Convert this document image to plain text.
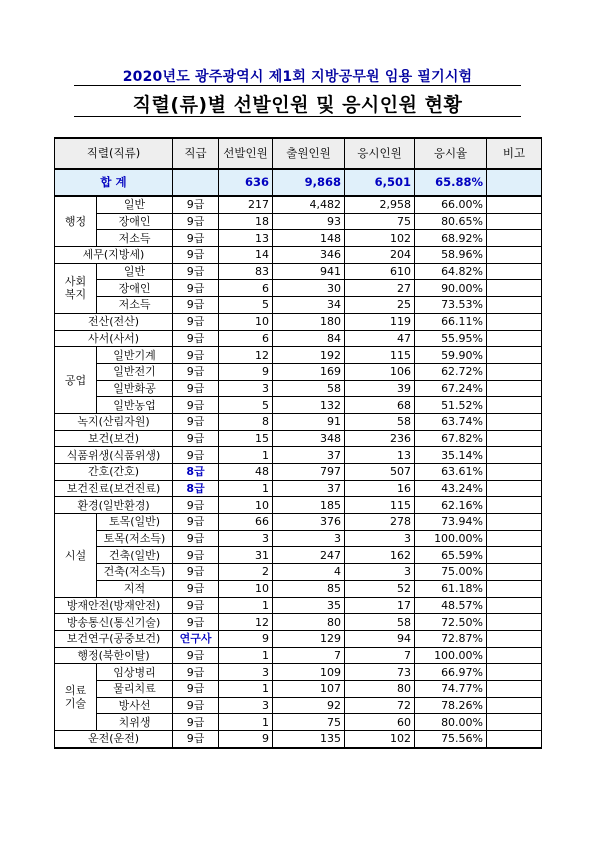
2020년도 광주광역시 제1회 지방공무원 임용 필기시험
직렬(류)별 선발인원 및 응시인원 현황
직렬(직류)		직급	선발인원	출원인원	응시인원	응시율	비고
합 계			636	9,868	6,501	65.88%	
행정	일반	9급	217	4,482	2,958	66.00%	
	장애인	9급	18	93	75	80.65%	
	저소득	9급	13	148	102	68.92%	
세무(지방세)		9급	14	346	204	58.96%	
사회
복지	일반	9급	83	941	610	64.82%	
	장애인	9급	6	30	27	90.00%	
	저소득	9급	5	34	25	73.53%	
전산(전산)		9급	10	180	119	66.11%	
사서(사서)		9급	6	84	47	55.95%	
공업	일반기계	9급	12	192	115	59.90%	
	일반전기	9급	9	169	106	62.72%	
	일반화공	9급	3	58	39	67.24%	
	일반농업	9급	5	132	68	51.52%	
녹지(산림자원)		9급	8	91	58	63.74%	
보건(보건)		9급	15	348	236	67.82%	
식품위생(식품위생)		9급	1	37	13	35.14%	
간호(간호)		8급	48	797	507	63.61%	
보건진료(보건진료)		8급	1	37	16	43.24%	
환경(일반환경)		9급	10	185	115	62.16%	
시설	토목(일반)	9급	66	376	278	73.94%	
	토목(저소득)	9급	3	3	3	100.00%	
	건축(일반)	9급	31	247	162	65.59%	
	건축(저소득)	9급	2	4	3	75.00%	
	지적	9급	10	85	52	61.18%	
방재안전(방재안전)		9급	1	35	17	48.57%	
방송통신(통신기술)		9급	12	80	58	72.50%	
보건연구(공중보건)		연구사	9	129	94	72.87%	
행정(북한이탈)		9급	1	7	7	100.00%	
의료
기술	임상병리	9급	3	109	73	66.97%	
	물리치료	9급	1	107	80	74.77%	
	방사선	9급	3	92	72	78.26%	
	치위생	9급	1	75	60	80.00%	
운전(운전)		9급	9	135	102	75.56%	
